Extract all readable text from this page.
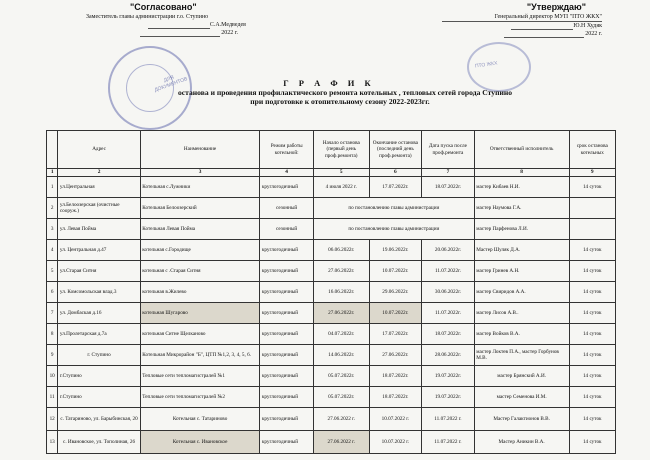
"Согласовано"
Заместитель главы администрации г.о. Ступино
С.А.Медведев
2022 г.
"Утверждаю"
Генеральный директор МУП "ПТО ЖКХ"
Ю.Н Худяк
2022 г.
ДЛЯ ДОКУМЕНТОВ
ПТО ЖКХ
Г Р А Ф И К
останова и проведения профилактического ремонта котельных , тепловых сетей города Ступино
при подготовке к отопительному сезону 2022-2023гг.
	Адрес	Наименование	Режим работы котельной:	Начало останова (первый день проф.ремонта)	Окончание останова (последний день проф.ремонта)	Дата пуска после проф.ремонта	Ответственный исполнитель	срок останова котельных
1	2	3	4	5	6	7	8	9
1	ул.Центральная	Котельная с.Лужники	круглогодичный	4 июля 2022 г.	17.07.2022г.	18.07.2022г.	мастер Кибаев Н.И.	14 суток
2	ул.Белоозерская (очистные сооруж.)	Котельная Белоозерский	сезонный	по постановлению главы администрации			мастер Наумова Г.А.	
3	ул. Левая Пойма	Котельная Левая Пойма	сезонный	по постановлению главы администрации			мастер Парфенова Л.И.	
4	ул. Центральная д.47	котельная с.Городище	круглогодичный	06.06.2022г.	19.06.2022г.	20.06.2022г.	Мастер Шуляк Д.А.	14 суток
5	ул.Старая Ситня	котельная с .Старая Ситня	круглогодичный	27.06.2022г.	10.07.2022г.	11.07.2022г.	мастер Гринев А.Н.	14 суток
6	ул. Комсомольская влад.3	котельная в.Жилево	круглогодичный	16.06.2022г.	29.06.2022г.	30.06.2022г.	мастер Свиридов А.А.	14 суток
7	ул. Домбаская д.16	котельная Шугарово	круглогодичный	27.06.2022г.	10.07.2022г.	11.07.2022г.	мастер Лисов А.В..	14 суток
8	ул.Пролетарская д.7а	котельная Ситне Щелканово	круглогодичный	04.07.2022г.	17.07.2022г.	18.07.2022г.	мастер Войков В.А.	14 суток
9	г. Ступино	Котельная Микрорайон "Б", ЦТП №1,2, 3, 4, 5, 6.	круглогодичный	14.06.2022г.	27.06.2022г.	28.06.2022г.	мастер Локтев П.А., мастер Горбунов М.В.	14 суток
10	г.Ступино	Тепловые сети тепломагистралей №1	круглогодичный	05.07.2022г.	18.07.2022г.	19.07.2022г.	мастер Брянский А.И.	14 суток
11	г.Ступино	Тепловые сети тепломагистралей №2	круглогодичный	05.07.2022г.	18.07.2022г.	19.07.2022г.	мастер Семенова И.М.	14 суток
12	с. Татариново, ул. Барыбинская, 20	Котельная с. Татариново	круглогодичный	27.06.2022 г.	10.07.2022 г.	11.07.2022 г.	Мастер Галактионов В.В.	14 суток
13	с. Ивановское, ул. Тополиная, 26	Котельная с. Ивановское	круглогодичный	27.06.2022 г.	10.07.2022 г.	11.07.2022 г.	Мастер Аникин В.А.	14 суток
